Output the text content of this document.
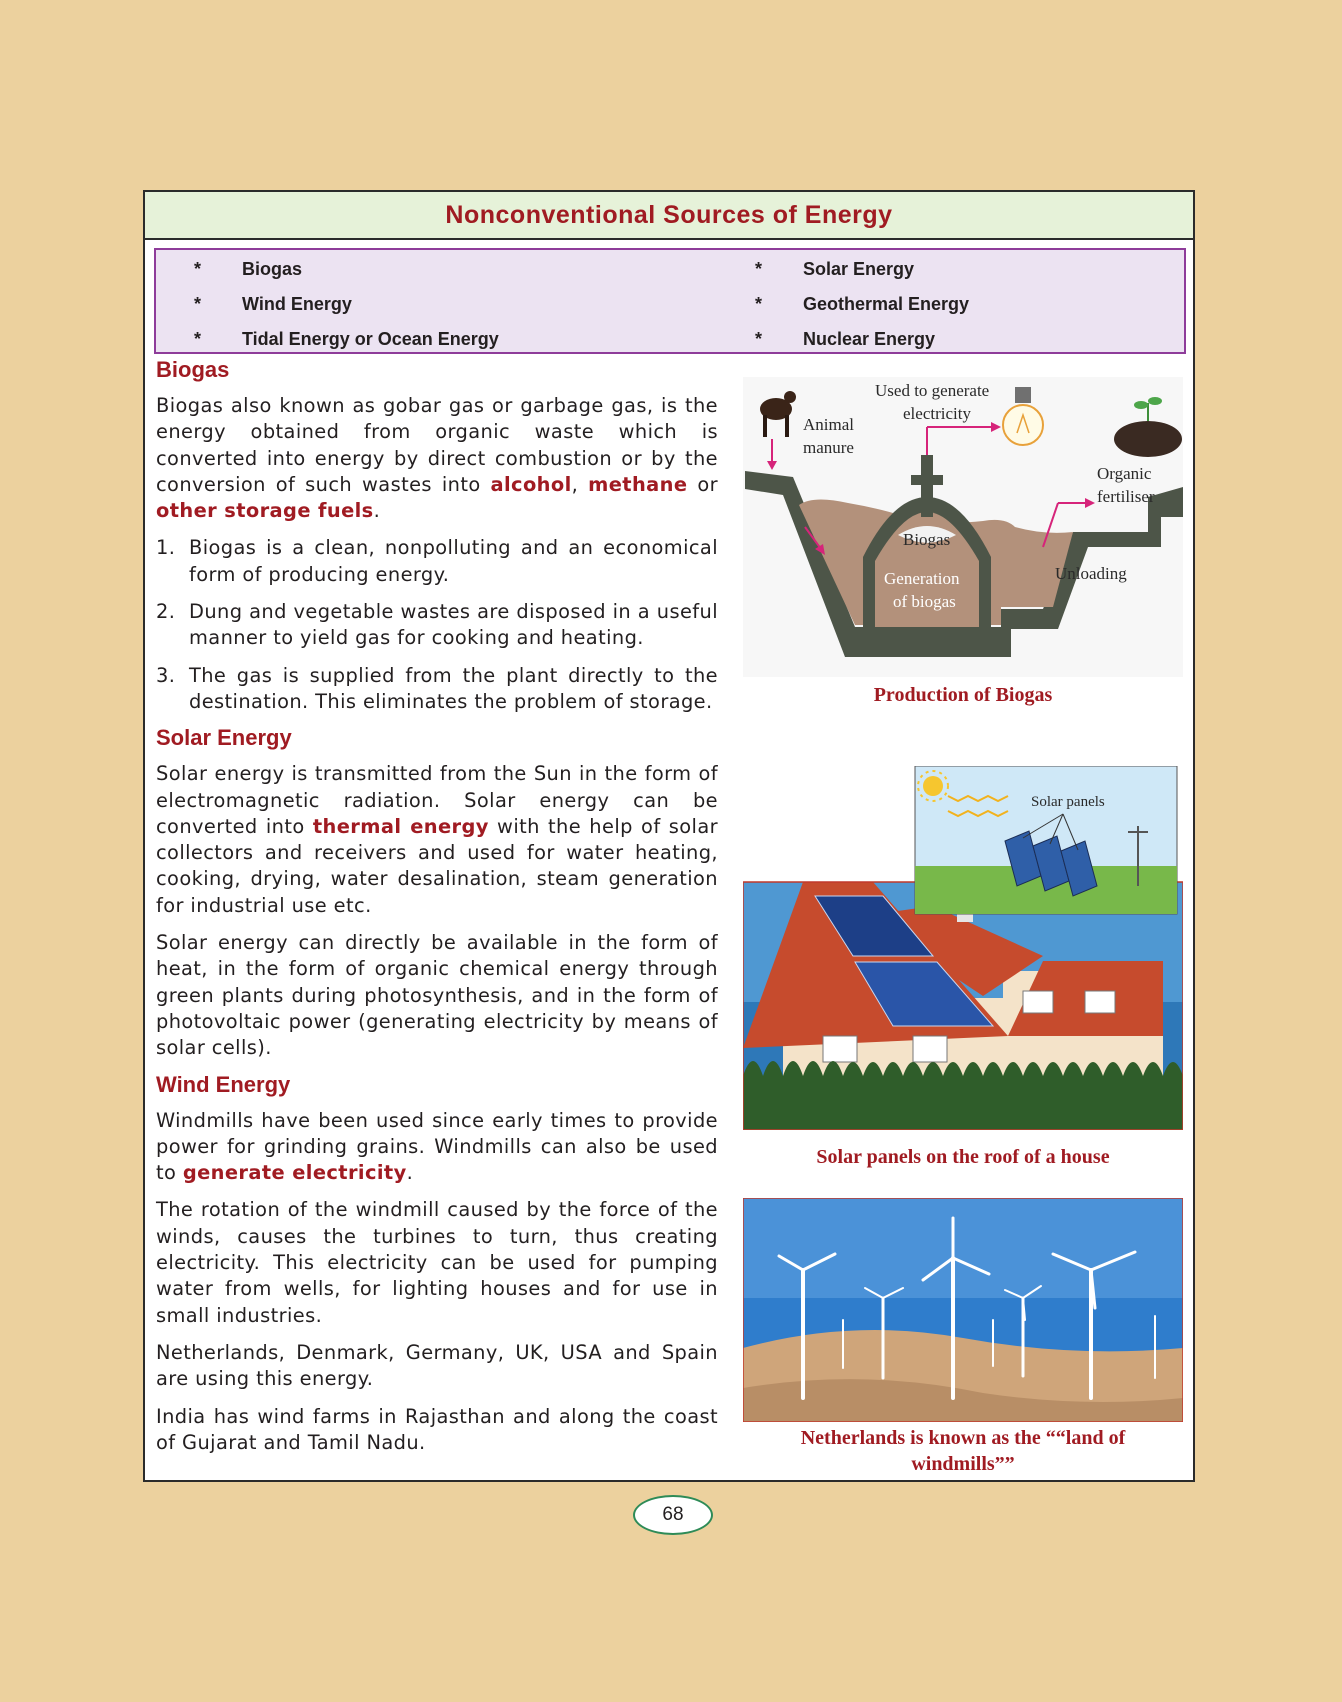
Nonconventional Sources of Energy
*	Biogas	*	Solar Energy
*	Wind Energy	*	Geothermal Energy
*	Tidal Energy or Ocean Energy	*	Nuclear Energy
Biogas

Biogas also known as gobar gas or garbage gas, is the energy obtained from organic waste which is converted into energy by direct combustion or by the conversion of such wastes into alcohol, methane or other storage fuels.

1. Biogas is a clean, nonpolluting and an economical form of producing energy.
2. Dung and vegetable wastes are disposed in a useful manner to yield gas for cooking and heating.
3. The gas is supplied from the plant directly to the destination. This eliminates the problem of storage.
Solar Energy

Solar energy is transmitted from the Sun in the form of electromagnetic radiation. Solar energy can be converted into thermal energy with the help of solar collectors and receivers and used for water heating, cooking, drying, water desalination, steam generation for industrial use etc.

Solar energy can directly be available in the form of heat, in the form of organic chemical energy through green plants during photosynthesis, and in the form of photovoltaic power (generating electricity by means of solar cells).

Wind Energy

Windmills have been used since early times to provide power for grinding grains. Windmills can also be used to generate electricity.

The rotation of the windmill caused by the force of the winds, causes the turbines to turn, thus creating electricity. This electricity can be used for pumping water from wells, for lighting houses and for use in small industries.

Netherlands, Denmark, Germany, UK, USA and Spain are using this energy.

India has wind farms in Rajasthan and along the coast of Gujarat and Tamil Nadu.

Used to generate
electricity
Animal
manure
Organic
fertiliser
Biogas
Generation
of biogas
Unloading
Production of Biogas
Solar panels
Solar panels on the roof of a house
Netherlands is known as the ““land of
windmills””
68
